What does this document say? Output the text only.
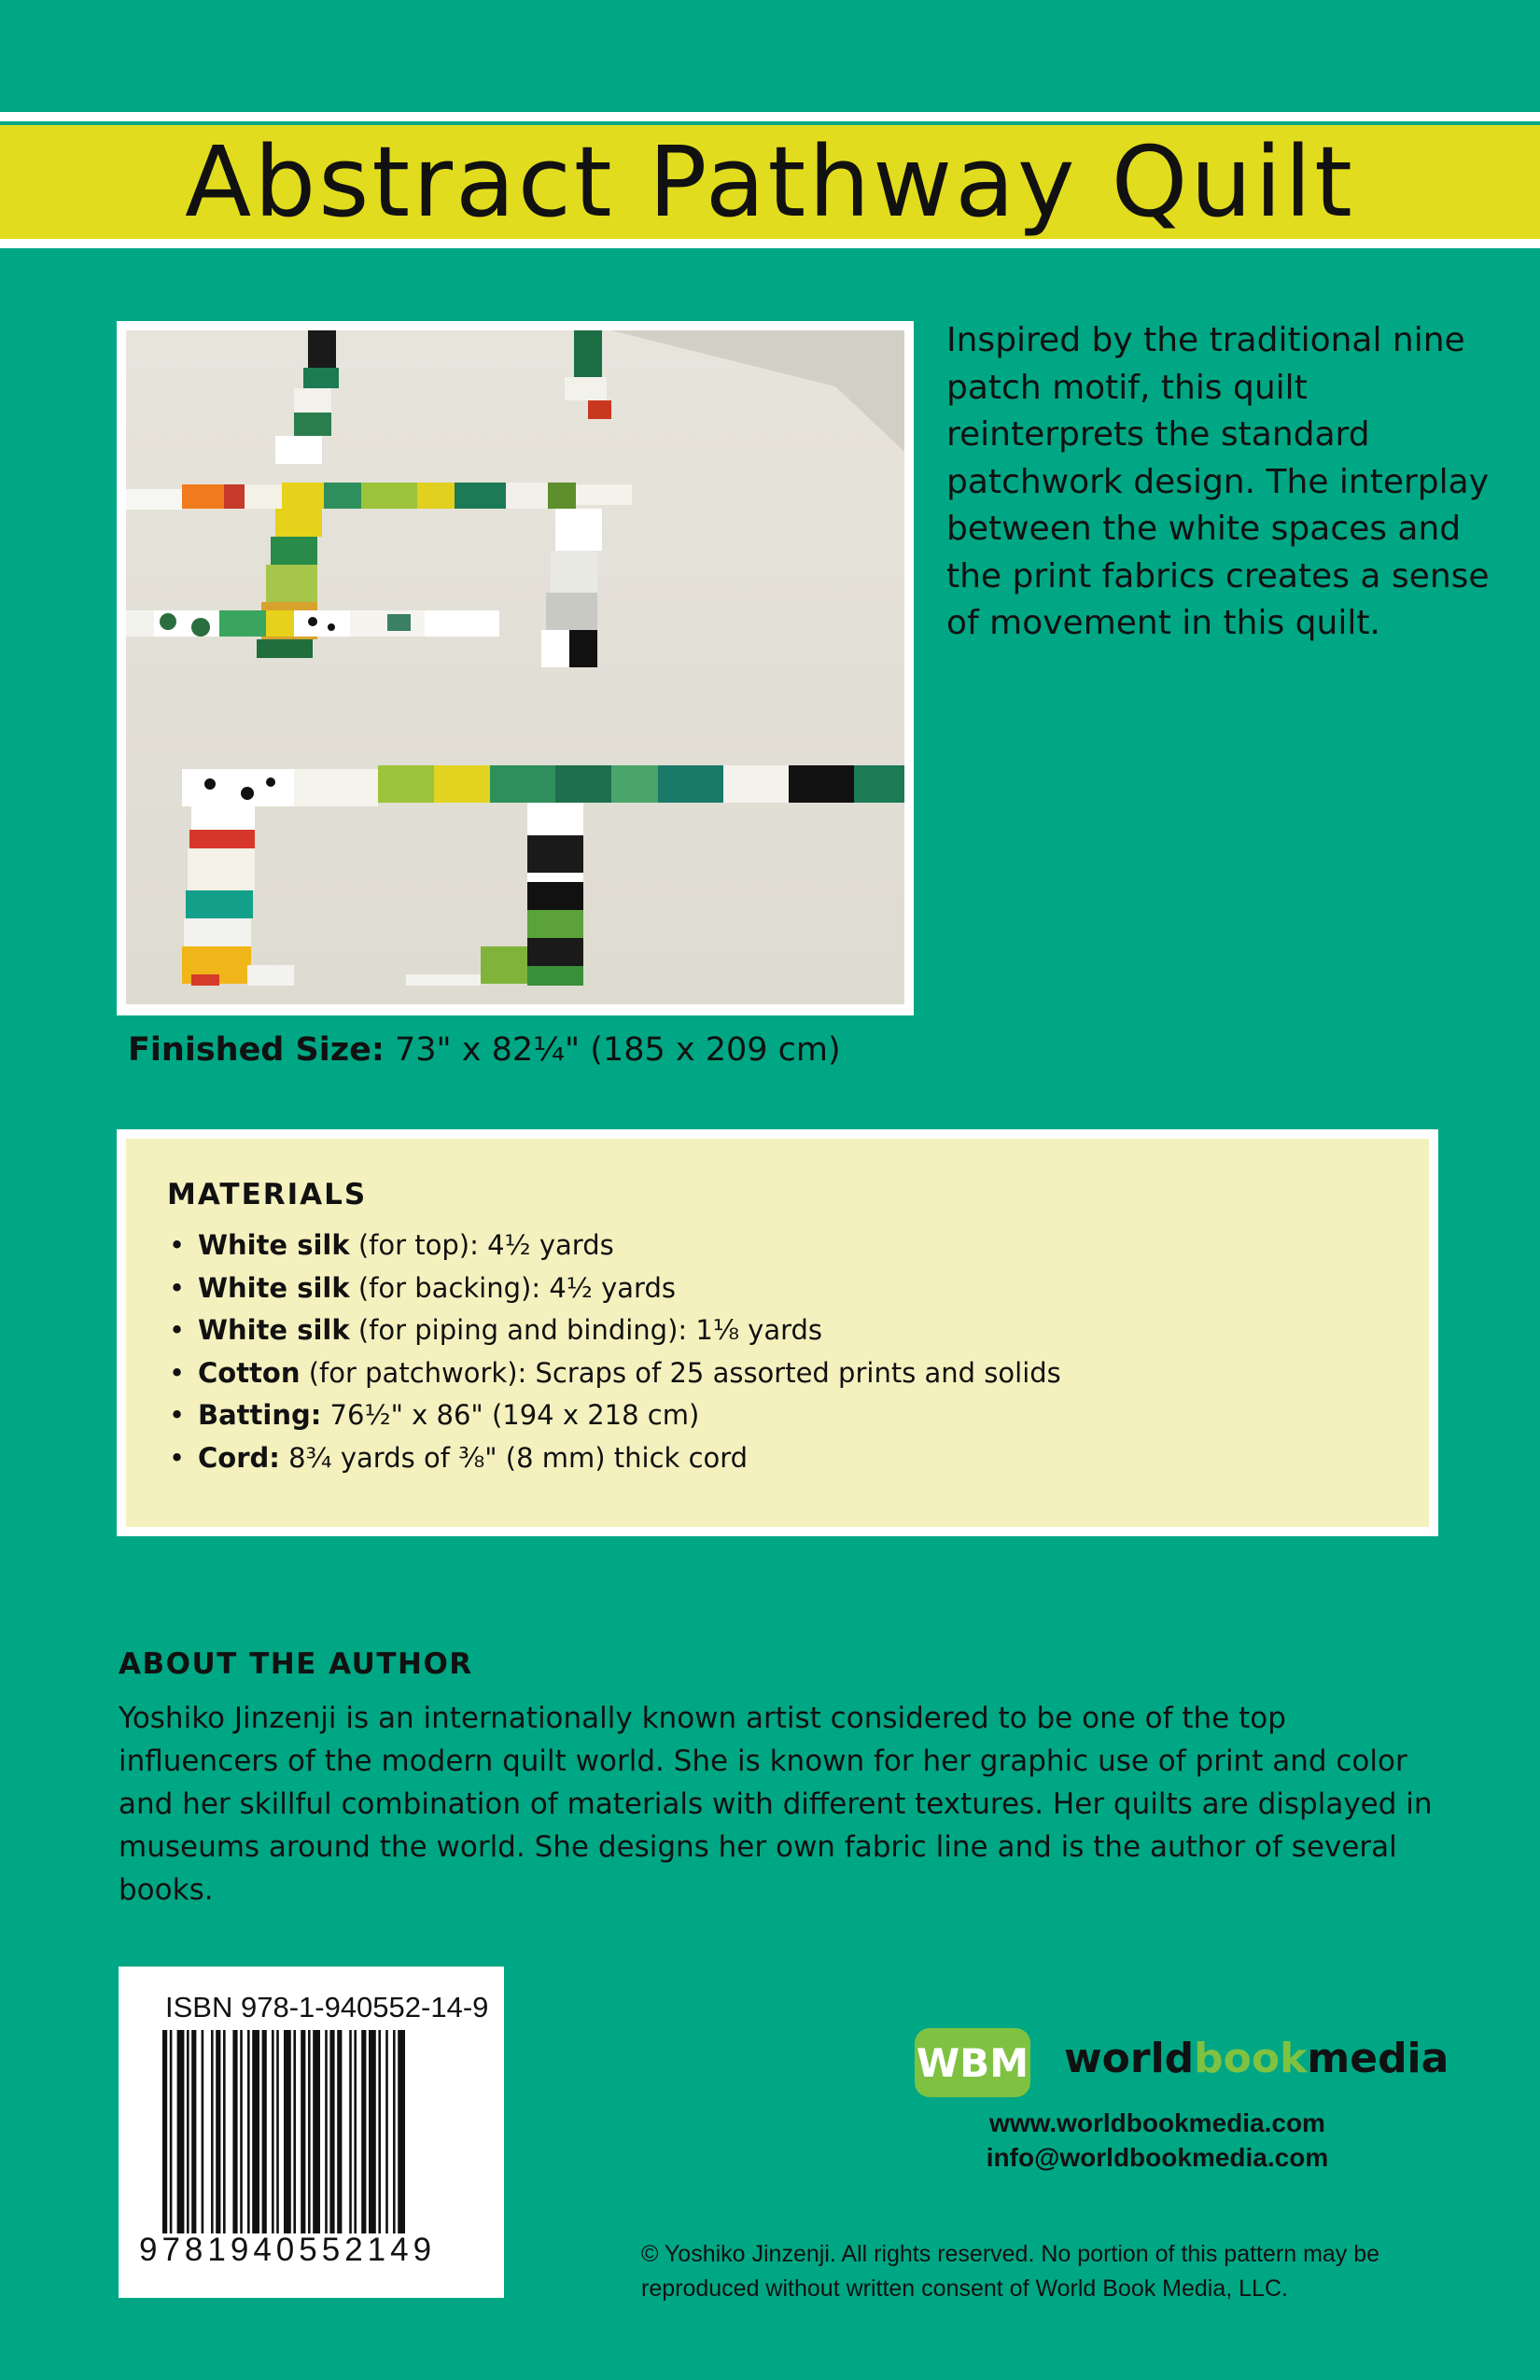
Abstract Pathway Quilt

Inspired by the traditional nine patch motif, this quilt reinterprets the standard patchwork design. The interplay between the white spaces and the print fabrics creates a sense of movement in this quilt.

Finished Size: 73" x 82¼" (185 x 209 cm)
MATERIALS
• White silk (for top): 4½ yards
• White silk (for backing): 4½ yards
• White silk (for piping and binding): 1⅛ yards
• Cotton (for patchwork): Scraps of 25 assorted prints and solids
• Batting: 76½" x 86" (194 x 218 cm)
• Cord: 8¾ yards of ⅜" (8 mm) thick cord
ABOUT THE AUTHOR

Yoshiko Jinzenji is an internationally known artist considered to be one of the top influencers of the modern quilt world. She is known for her graphic use of print and color and her skillful combination of materials with different textures. Her quilts are displayed in museums around the world. She designs her own fabric line and is the author of several books.

ISBN 978-1-940552-14-9
9781940552149
WBM worldbookmedia
www.worldbookmedia.com
info@worldbookmedia.com

© Yoshiko Jinzenji. All rights reserved. No portion of this pattern may be reproduced without written consent of World Book Media, LLC.
